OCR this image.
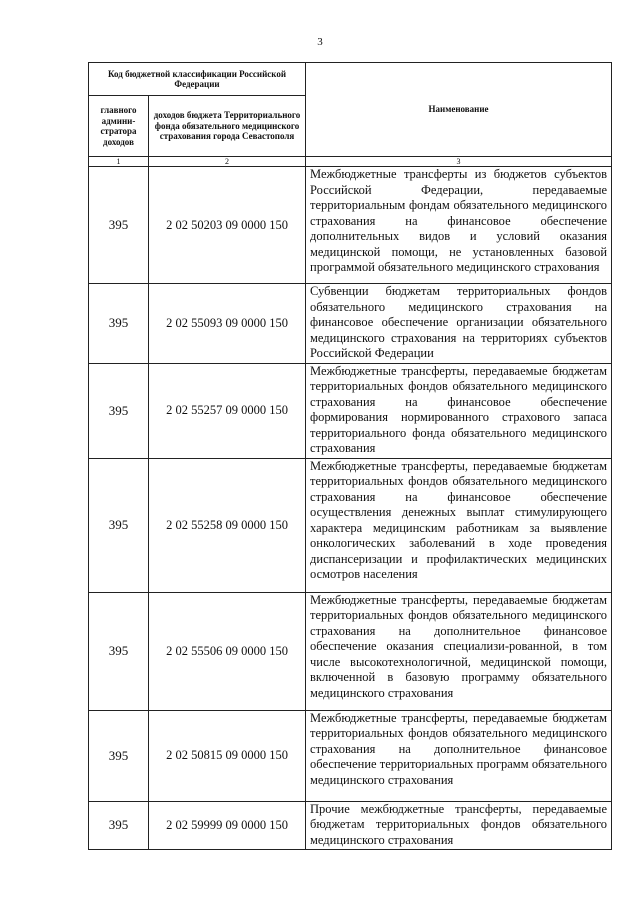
3
Код бюджетной классификации Российской Федерации		Наименование
главного админи-стратора доходов	доходов бюджета Территориального фонда обязательного медицинского страхования города Севастополя	
1	2	3
395	2 02 50203 09 0000 150	Межбюджетные трансферты из бюджетов субъектов Российской Федерации, передаваемые территориальным фондам обязательного медицинского страхования на финансовое обеспечение дополнительных видов и условий оказания медицинской помощи, не установленных базовой программой обязательного медицинского страхования
395	2 02 55093 09 0000 150	Субвенции бюджетам территориальных фондов обязательного медицинского страхования на финансовое обеспечение организации обязательного медицинского страхования на территориях субъектов Российской Федерации
395	2 02 55257 09 0000 150	Межбюджетные трансферты, передаваемые бюджетам территориальных фондов обязательного медицинского страхования на финансовое обеспечение формирования нормированного страхового запаса территориального фонда обязательного медицинского страхования
395	2 02 55258 09 0000 150	Межбюджетные трансферты, передаваемые бюджетам территориальных фондов обязательного медицинского страхования на финансовое обеспечение осуществления денежных выплат стимулирующего характера медицинским работникам за выявление онкологических заболеваний в ходе проведения диспансеризации и профилактических медицинских осмотров населения
395	2 02 55506 09 0000 150	Межбюджетные трансферты, передаваемые бюджетам территориальных фондов обязательного медицинского страхования на дополнительное финансовое обеспечение оказания специализи-рованной, в том числе высокотехнологичной, медицинской помощи, включенной в базовую программу обязательного медицинского страхования
395	2 02 50815 09 0000 150	Межбюджетные трансферты, передаваемые бюджетам территориальных фондов обязательного медицинского страхования на дополнительное финансовое обеспечение территориальных программ обязательного медицинского страхования
395	2 02 59999 09 0000 150	Прочие межбюджетные трансферты, передаваемые бюджетам территориальных фондов обязательного медицинского страхования
